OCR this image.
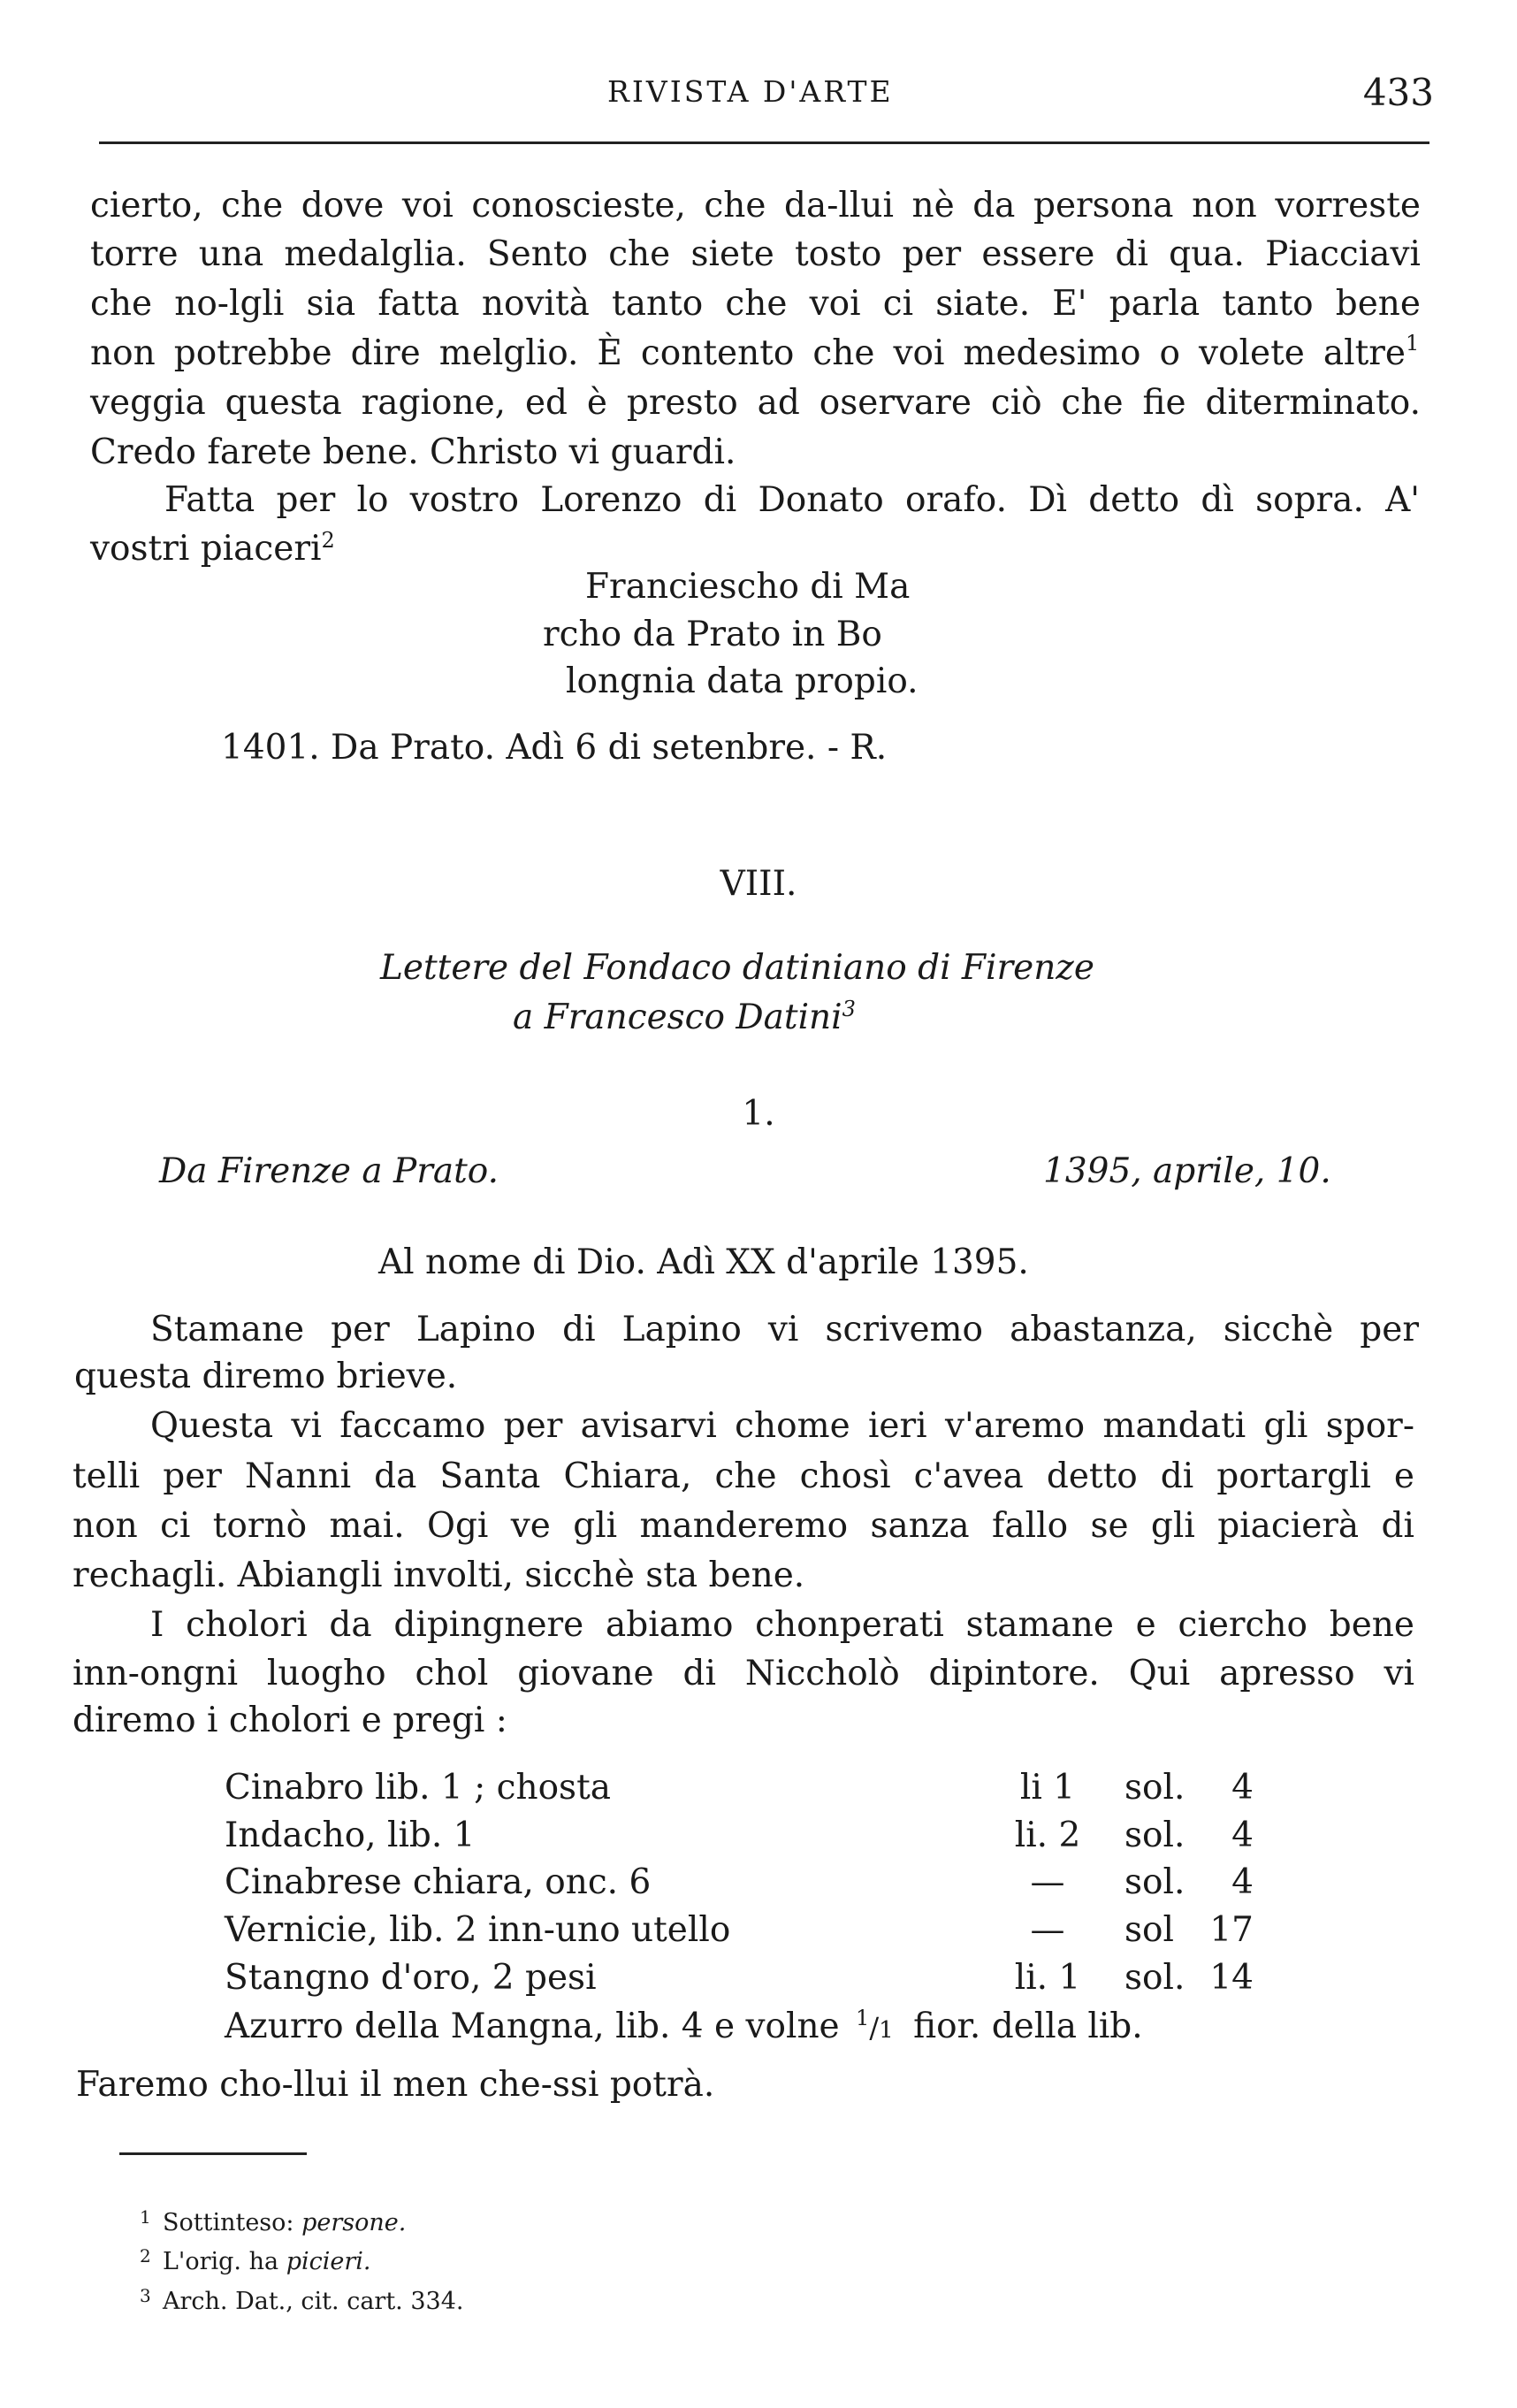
RIVISTA D'ARTE	433
cierto, che dove voi conoscieste, che da-llui nè da persona non vorreste
torre una medalglia. Sento che siete tosto per essere di qua. Piacciavi
che no-lgli sia fatta novità tanto che voi ci siate. E' parla tanto bene
non potrebbe dire melglio. È contento che voi medesimo o volete altre 1
veggia questa ragione, ed è presto ad oservare ciò che fie diterminato.
Credo farete bene. Christo vi guardi.
Fatta per lo vostro Lorenzo di Donato orafo. Dì detto dì sopra. A'
vostri piaceri$^2$
Francieschо di Ma
rcho da Prato in Bo
longnia data propio.
1401. Da Prato. Adì 6 di setenbre. - R.
VIII.
Lettere del Fondaco datiniano di Firenze
a Francesco Datini$^3$
1.
Da Firenze a Prato.	1395, aprile, 10.
Al nome di Dio. Adì XX d'aprile 1395.
Stamane per Lapino di Lapino vi scrivemo abastanza, sicchè per
questa diremo brieve.
Questa vi faccamo per avisarvi chome ieri v'aremo mandati gli spor-
telli per Nanni da Santa Chiara, che chosì c'avea detto di portargli e
non ci tornò mai. Ogi ve gli manderemo sanza fallo se gli piacierà di
rechagli. Abiangli involti, sicchè sta bene.
I cholori da dipingnere abiamo chonperati stamane e ciercho bene
inn-ongni luogho chol giovane di Niccholò dipintore. Qui apresso vi
diremo i cholori e pregi :
Cinabro lib. 1 ; chosta	li 1	sol.	4
Indacho, lib. 1	li. 2	sol.	4
Cinabrese chiara, onc. 6	—	sol.	4
Vernicie, lib. 2 inn-uno utello	—	sol	17
Stangno d'oro, 2 pesi	li. 1	sol. 14
Azurro della Mangna, lib. 4 e volne $^1$/1 fior. della lib.
Faremo cho-llui il men che-ssi potrà.
1 Sottinteso: persone.
2 L'orig. ha picieri.
3 Arch. Dat., cit. cart. 334.
